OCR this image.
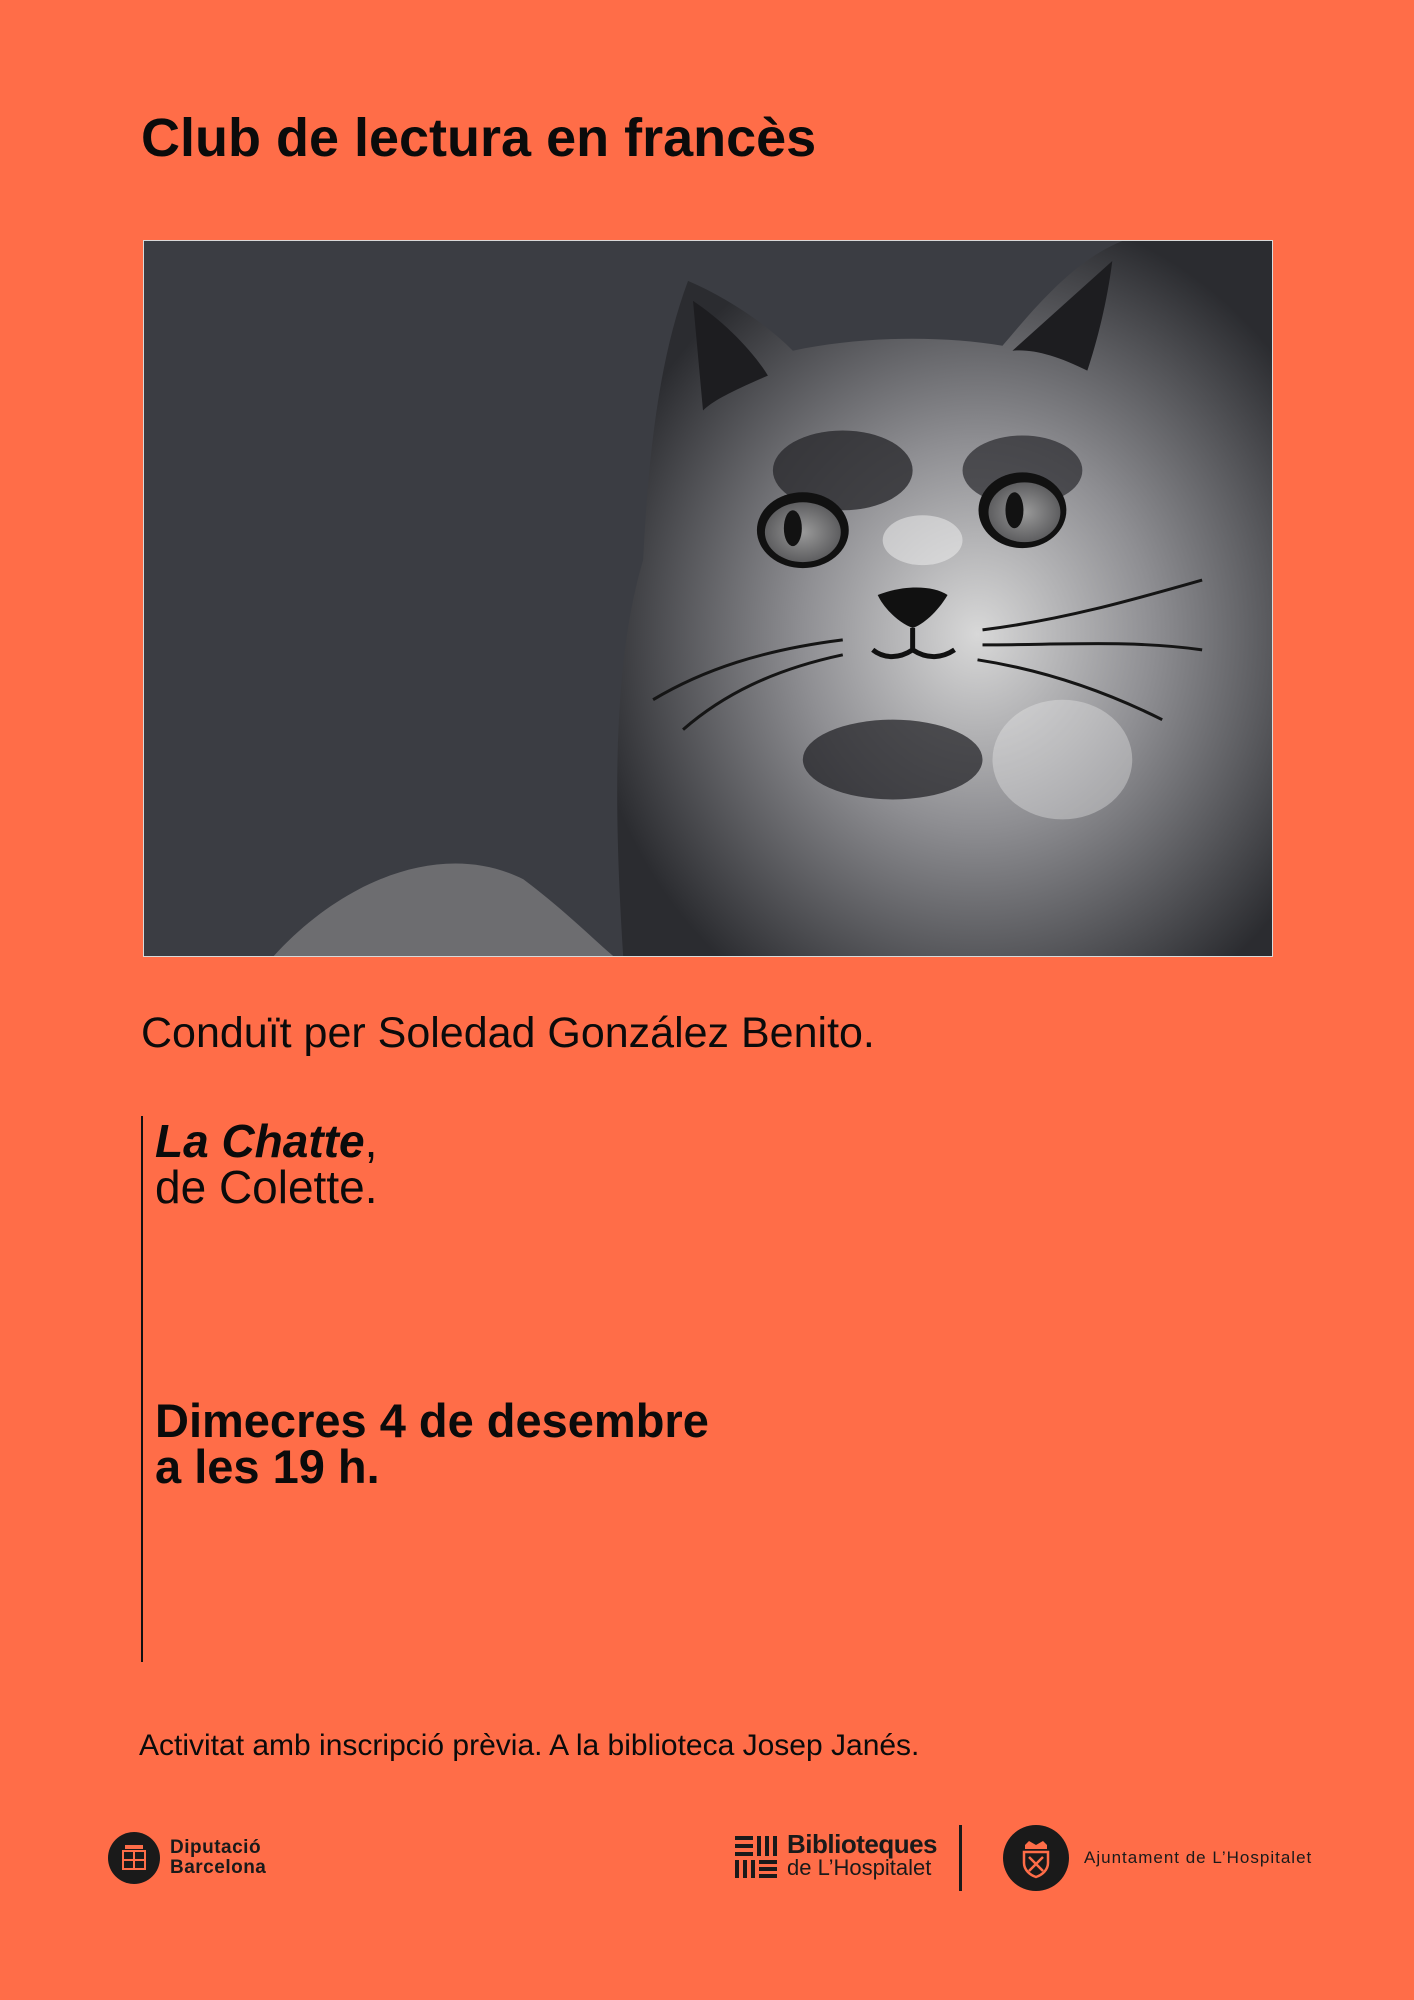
Club de lectura en francès
Conduït per Soledad González Benito.
La Chatte,
de Colette.
Dimecres 4 de desembre
a les 19 h.
Activitat amb inscripció prèvia. A la biblioteca Josep Janés.
Diputació
Barcelona
Biblioteques
de L’Hospitalet	Ajuntament de L’Hospitalet
